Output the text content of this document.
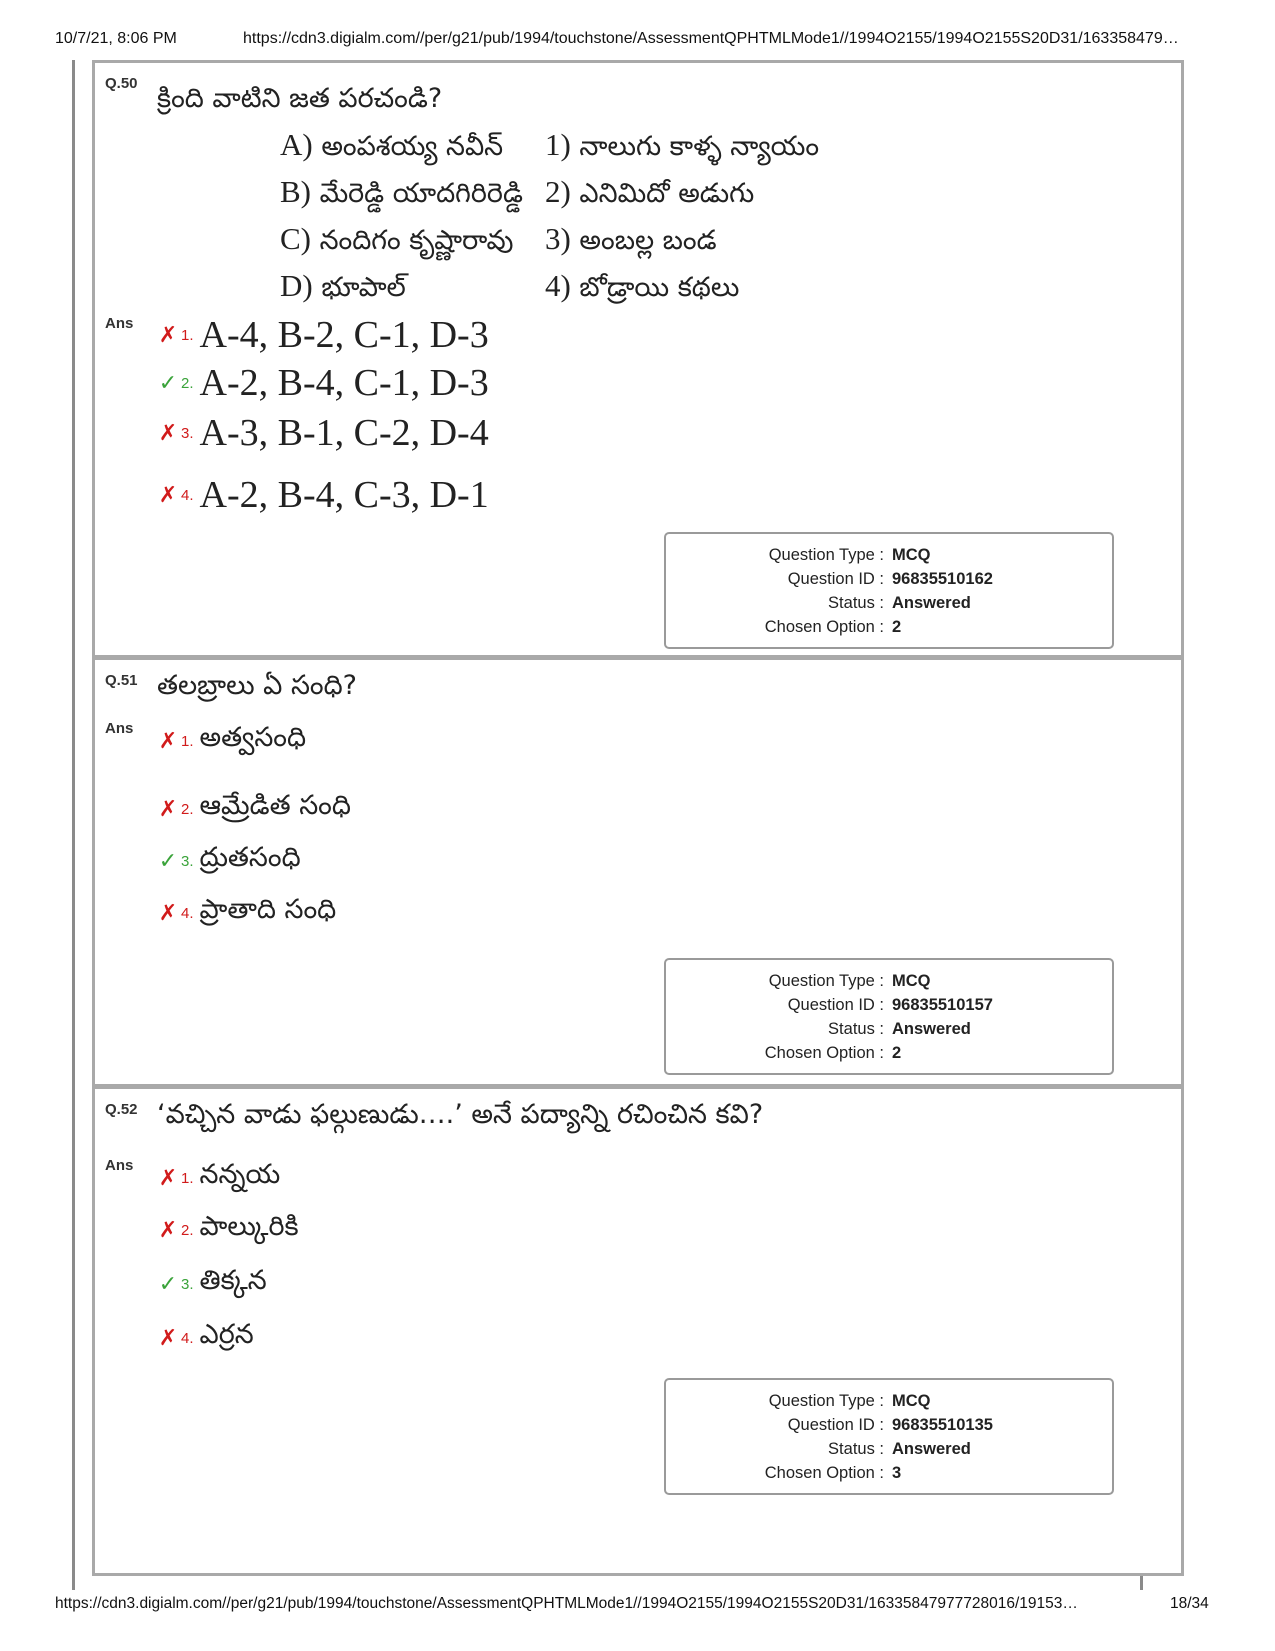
10/7/21, 8:06 PM	https://cdn3.digialm.com//per/g21/pub/1994/touchstone/AssessmentQPHTMLMode1//1994O2155/1994O2155S20D31/163358479…
Q.50 క్రింది వాటిని జత పరచండి?
A) అంపశయ్య నవీన్
B) మేరెడ్డి యాదగిరిరెడ్డి
C) నందిగం కృష్ణారావు
D) భూపాల్
1) నాలుగు కాళ్ళ న్యాయం
2) ఎనిమిదో అడుగు
3) అంబల్ల బండ
4) బోడ్రాయి కథలు
Ans ✗ 1. A-4, B-2, C-1, D-3
✓ 2. A-2, B-4, C-1, D-3
✗ 3. A-3, B-1, C-2, D-4
✗ 4. A-2, B-4, C-3, D-1
Question Type : MCQ
Question ID : 96835510162
Status : Answered
Chosen Option : 2
Q.51 తలబ్రాలు ఏ సంధి?
Ans ✗ 1. అత్వసంధి
✗ 2. ఆమ్రేడిత సంధి
✓ 3. ద్రుతసంధి
✗ 4. ప్రాతాది సంధి
Question Type : MCQ
Question ID : 96835510157
Status : Answered
Chosen Option : 2
Q.52 ‘వచ్చిన వాడు ఫల్గుణుడు….’ అనే పద్యాన్ని రచించిన కవి?
Ans ✗ 1. నన్నయ
✗ 2. పాల్కురికి
✓ 3. తిక్కన
✗ 4. ఎర్రన
Question Type : MCQ
Question ID : 96835510135
Status : Answered
Chosen Option : 3
https://cdn3.digialm.com//per/g21/pub/1994/touchstone/AssessmentQPHTMLMode1//1994O2155/1994O2155S20D31/16335847977728016/19153…	18/34
